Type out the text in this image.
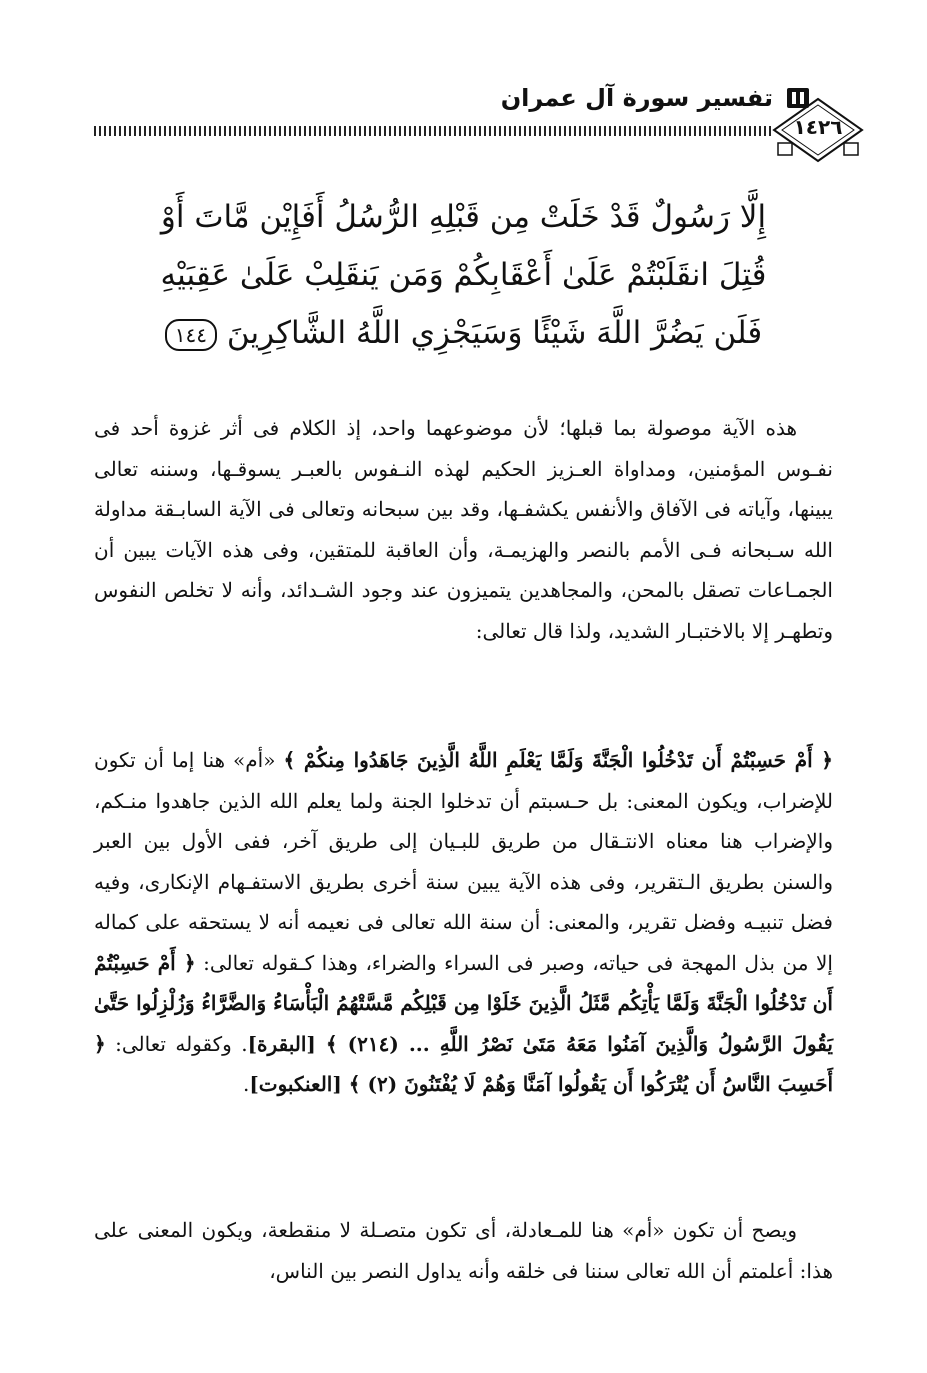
تفسير سورة آل عمران
١٤٢٦
إِلَّا رَسُولٌ قَدْ خَلَتْ مِن قَبْلِهِ الرُّسُلُ أَفَإِيْن مَّاتَ أَوْ قُتِلَ انقَلَبْتُمْ عَلَىٰ أَعْقَابِكُمْ وَمَن يَنقَلِبْ عَلَىٰ عَقِبَيْهِ فَلَن يَضُرَّ اللَّهَ شَيْئًا وَسَيَجْزِي اللَّهُ الشَّاكِرِينَ ١٤٤
هذه الآية موصولة بما قبلها؛ لأن موضوعهما واحد، إذ الكلام فى أثر غزوة أحد فى نفـوس المؤمنين، ومداواة العـزيز الحكيم لهذه النـفوس بالعبـر يسوقـها، وسننه تعالى يبينها، وآياته فى الآفاق والأنفس يكشفـها، وقد بين سبحانه وتعالى فى الآية السابـقة مداولة الله سـبحانه فـى الأمم بالنصر والهزيمـة، وأن العاقبة للمتقين، وفى هذه الآيات يبين أن الجمـاعات تصقل بالمحن، والمجاهدين يتميزون عند وجود الشـدائد، وأنه لا تخلص النفوس وتطهـر إلا بالاختبـار الشديد، ولذا قال تعالى:
﴿ أَمْ حَسِبْتُمْ أَن تَدْخُلُوا الْجَنَّةَ وَلَمَّا يَعْلَمِ اللَّهُ الَّذِينَ جَاهَدُوا مِنكُمْ ﴾ «أم» هنا إما أن تكون للإضراب، ويكون المعنى: بل حـسبتم أن تدخلوا الجنة ولما يعلم الله الذين جاهدوا منـكم، والإضراب هنا معناه الانتـقال من طريق للبـيان إلى طريق آخر، ففى الأول بين العبر والسنن بطريق الـتقرير، وفى هذه الآية يبين سنة أخرى بطريق الاستفـهام الإنكارى، وفيه فضل تنبيـه وفضل تقرير، والمعنى: أن سنة الله تعالى فى نعيمه أنه لا يستحقه على كماله إلا من بذل المهجة فى حياته، وصبر فى السراء والضراء، وهذا كـقوله تعالى: ﴿ أَمْ حَسِبْتُمْ أَن تَدْخُلُوا الْجَنَّةَ وَلَمَّا يَأْتِكُم مَّثَلُ الَّذِينَ خَلَوْا مِن قَبْلِكُم مَّسَّتْهُمُ الْبَأْسَاءُ وَالضَّرَّاءُ وَزُلْزِلُوا حَتَّىٰ يَقُولَ الرَّسُولُ وَالَّذِينَ آمَنُوا مَعَهُ مَتَىٰ نَصْرُ اللَّهِ ... (٢١٤) ﴾ [البقرة]. وكقوله تعالى: ﴿ أَحَسِبَ النَّاسُ أَن يُتْرَكُوا أَن يَقُولُوا آمَنَّا وَهُمْ لَا يُفْتَنُونَ (٢) ﴾ [العنكبوت].
ويصح أن تكون «أم» هنا للمـعادلة، أى تكون متصـلة لا منقطعة، ويكون المعنى على هذا: أعلمتم أن الله تعالى سننا فى خلقه وأنه يداول النصر بين الناس،
